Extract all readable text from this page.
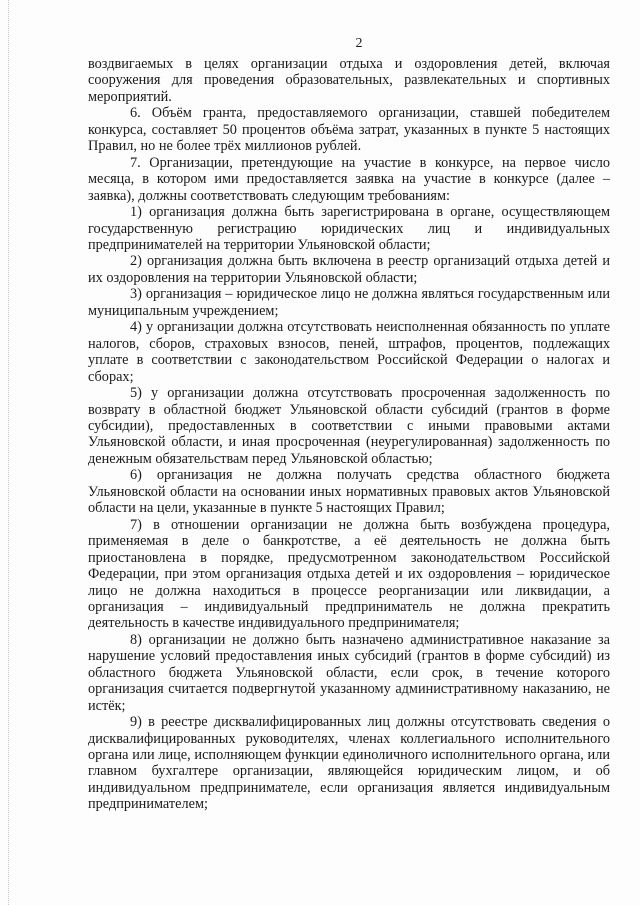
2

воздвигаемых в целях организации отдыха и оздоровления детей, включая сооружения для проведения образовательных, развлекательных и спортивных мероприятий.

6. Объём гранта, предоставляемого организации, ставшей победителем конкурса, составляет 50 процентов объёма затрат, указанных в пункте 5 настоящих Правил, но не более трёх миллионов рублей.

7. Организации, претендующие на участие в конкурсе, на первое число месяца, в котором ими предоставляется заявка на участие в конкурсе (далее – заявка), должны соответствовать следующим требованиям:

1) организация должна быть зарегистрирована в органе, осуществляющем государственную регистрацию юридических лиц и индивидуальных предпринимателей на территории Ульяновской области;

2) организация должна быть включена в реестр организаций отдыха детей и их оздоровления на территории Ульяновской области;

3) организация – юридическое лицо не должна являться государственным или муниципальным учреждением;

4) у организации должна отсутствовать неисполненная обязанность по уплате налогов, сборов, страховых взносов, пеней, штрафов, процентов, подлежащих уплате в соответствии с законодательством Российской Федерации о налогах и сборах;

5) у организации должна отсутствовать просроченная задолженность по возврату в областной бюджет Ульяновской области субсидий (грантов в форме субсидии), предоставленных в соответствии с иными правовыми актами Ульяновской области, и иная просроченная (неурегулированная) задолженность по денежным обязательствам перед Ульяновской областью;

6) организация не должна получать средства областного бюджета Ульяновской области на основании иных нормативных правовых актов Ульяновской области на цели, указанные в пункте 5 настоящих Правил;

7) в отношении организации не должна быть возбуждена процедура, применяемая в деле о банкротстве, а её деятельность не должна быть приостановлена в порядке, предусмотренном законодательством Российской Федерации, при этом организация отдыха детей и их оздоровления – юридическое лицо не должна находиться в процессе реорганизации или ликвидации, а организация – индивидуальный предприниматель не должна прекратить деятельность в качестве индивидуального предпринимателя;

8) организации не должно быть назначено административное наказание за нарушение условий предоставления иных субсидий (грантов в форме субсидий) из областного бюджета Ульяновской области, если срок, в течение которого организация считается подвергнутой указанному административному наказанию, не истёк;

9) в реестре дисквалифицированных лиц должны отсутствовать сведения о дисквалифицированных руководителях, членах коллегиального исполнительного органа или лице, исполняющем функции единоличного исполнительного органа, или главном бухгалтере организации, являющейся юридическим лицом, и об индивидуальном предпринимателе, если организация является индивидуальным предпринимателем;
